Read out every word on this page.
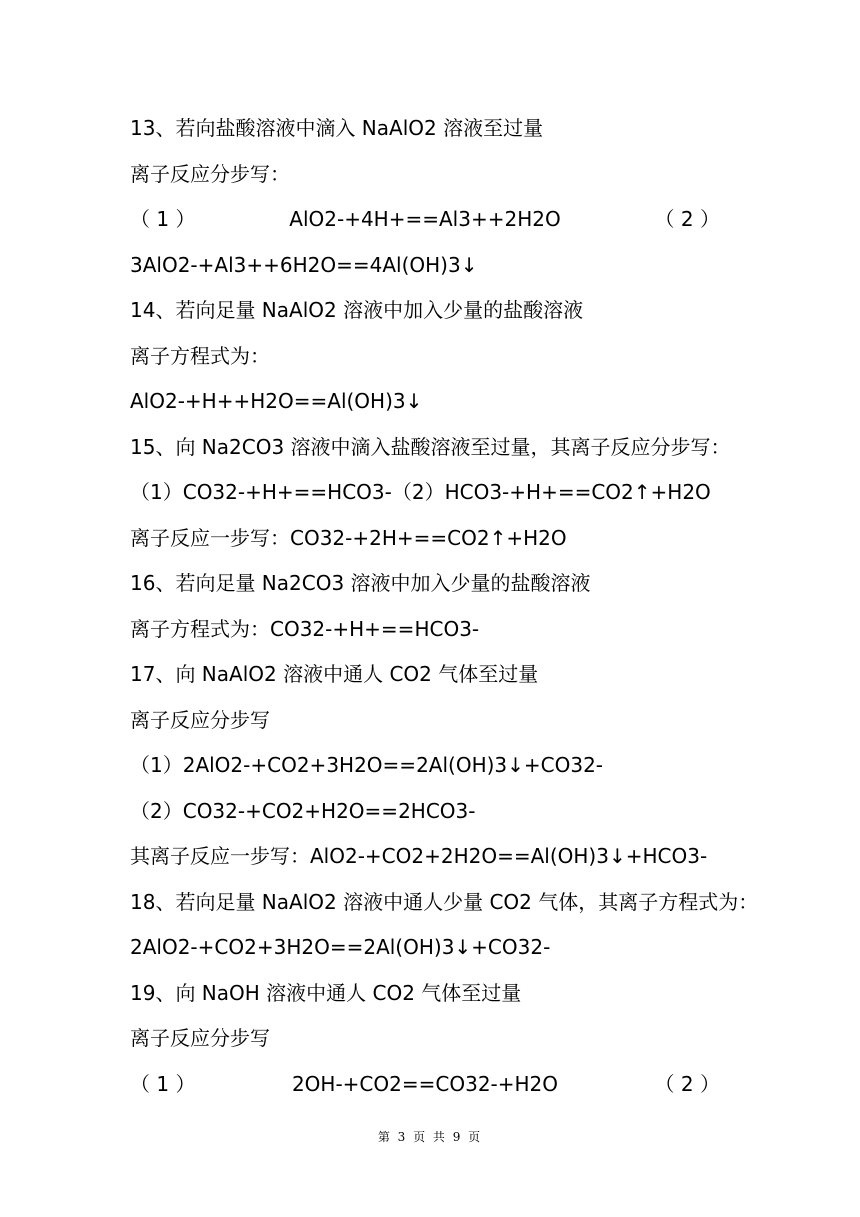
13、若向盐酸溶液中滴入 NaAlO2 溶液至过量
离子反应分步写：
（ 1 ）	AlO2-+4H+==Al3++2H2O	（ 2 ）
3AlO2-+Al3++6H2O==4Al(OH)3↓
14、若向足量 NaAlO2 溶液中加入少量的盐酸溶液
离子方程式为：
AlO2-+H++H2O==Al(OH)3↓
15、向 Na2CO3 溶液中滴入盐酸溶液至过量，其离子反应分步写：
（1）CO32-+H+==HCO3-（2）HCO3-+H+==CO2↑+H2O
离子反应一步写：CO32-+2H+==CO2↑+H2O
16、若向足量 Na2CO3 溶液中加入少量的盐酸溶液
离子方程式为：CO32-+H+==HCO3-
17、向 NaAlO2 溶液中通人 CO2 气体至过量
离子反应分步写
（1）2AlO2-+CO2+3H2O==2Al(OH)3↓+CO32-
（2）CO32-+CO2+H2O==2HCO3-
其离子反应一步写：AlO2-+CO2+2H2O==Al(OH)3↓+HCO3-
18、若向足量 NaAlO2 溶液中通人少量 CO2 气体，其离子方程式为：
2AlO2-+CO2+3H2O==2Al(OH)3↓+CO32-
19、向 NaOH 溶液中通人 CO2 气体至过量
离子反应分步写
（ 1 ）	2OH-+CO2==CO32-+H2O	（ 2 ）
第 3 页 共 9 页
